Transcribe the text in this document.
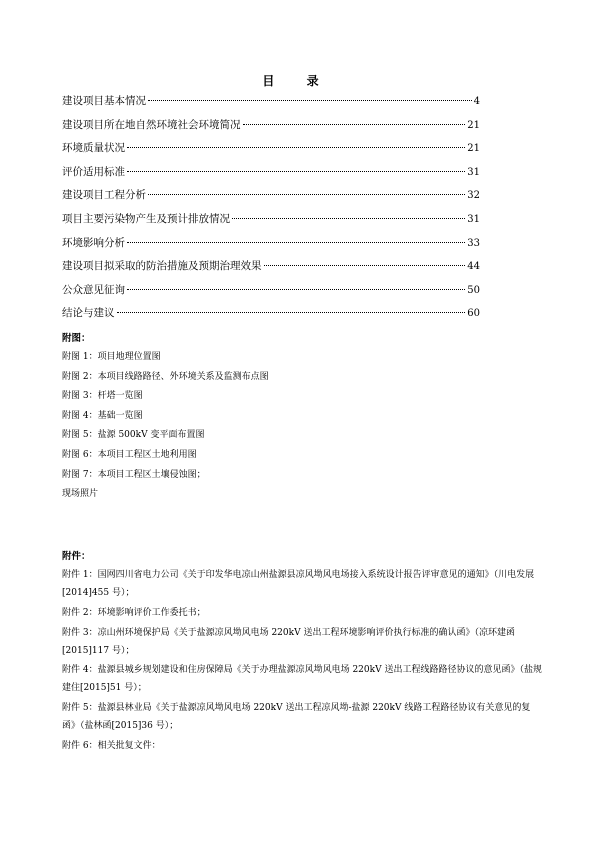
目 录
建设项目基本情况	4
建设项目所在地自然环境社会环境简况	21
环境质量状况	21
评价适用标准	31
建设项目工程分析	32
项目主要污染物产生及预计排放情况	31
环境影响分析	33
建设项目拟采取的防治措施及预期治理效果	44
公众意见征询	50
结论与建议	60
附图：
附图 1：项目地理位置图
附图 2：本项目线路路径、外环境关系及监测布点图
附图 3：杆塔一览图
附图 4：基础一览图
附图 5：盐源 500kV 变平面布置图
附图 6：本项目工程区土地利用图
附图 7：本项目工程区土壤侵蚀图；
现场照片
附件：
附件 1：国网四川省电力公司《关于印发华电凉山州盐源县凉风坳风电场接入系统设计报告评审意见的通知》（川电发展[2014]455 号）；
附件 2：环境影响评价工作委托书；
附件 3：凉山州环境保护局《关于盐源凉风坳风电场 220kV 送出工程环境影响评价执行标准的确认函》（凉环建函[2015]117 号）；
附件 4：盐源县城乡规划建设和住房保障局《关于办理盐源凉风坳风电场 220kV 送出工程线路路径协议的意见函》（盐规建住[2015]51 号）；
附件 5：盐源县林业局《关于盐源凉风坳风电场 220kV 送出工程凉风坳-盐源 220kV 线路工程路径协议有关意见的复函》（盐林函[2015]36 号）；
附件 6：相关批复文件：
